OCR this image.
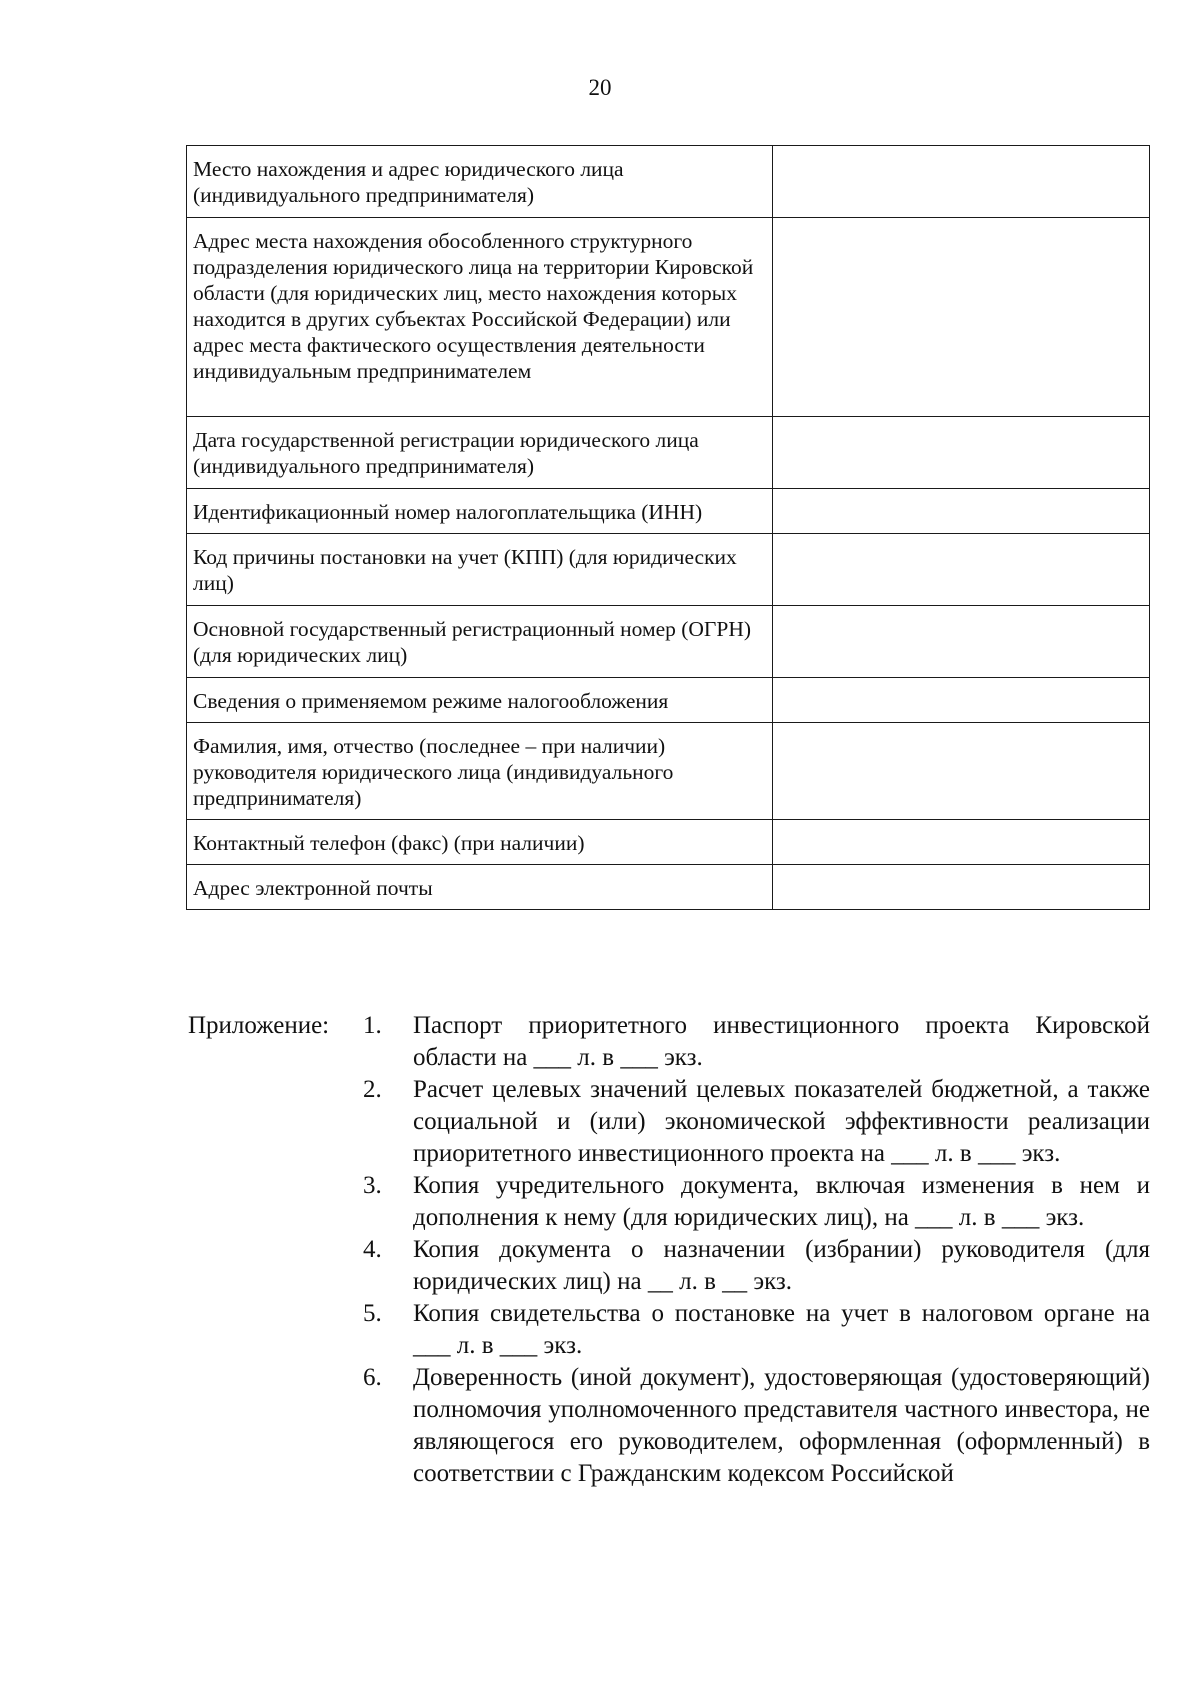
20
Место нахождения и адрес юридического лица (индивидуального предпринимателя)	
Адрес места нахождения обособленного структурного подразделения юридического лица на территории Кировской области (для юридических лиц, место нахождения которых находится в других субъектах Российской Федерации) или адрес места фактического осуществления деятельности индивидуальным предпринимателем	
Дата государственной регистрации юридического лица (индивидуального предпринимателя)	
Идентификационный номер налогоплательщика (ИНН)	
Код причины постановки на учет (КПП) (для юридических лиц)	
Основной государственный регистрационный номер (ОГРН) (для юридических лиц)	
Сведения о применяемом режиме налогообложения	
Фамилия, имя, отчество (последнее – при наличии) руководителя юридического лица (индивидуального предпринимателя)	
Контактный телефон (факс) (при наличии)	
Адрес электронной почты	
Приложение: 1. Паспорт приоритетного инвестиционного проекта Кировской области на ___ л. в ___ экз.
2. Расчет целевых значений целевых показателей бюджетной, а также социальной и (или) экономической эффективности реализации приоритетного инвестиционного проекта на ___ л. в ___ экз.
3. Копия учредительного документа, включая изменения в нем и дополнения к нему (для юридических лиц), на ___ л. в ___ экз.
4. Копия документа о назначении (избрании) руководителя (для юридических лиц) на __ л. в __ экз.
5. Копия свидетельства о постановке на учет в налоговом органе на ___ л. в ___ экз.
6. Доверенность (иной документ), удостоверяющая (удостоверяющий) полномочия уполномоченного представителя частного инвестора, не являющегося его руководителем, оформленная (оформленный) в соответствии с Гражданским кодексом Российской
